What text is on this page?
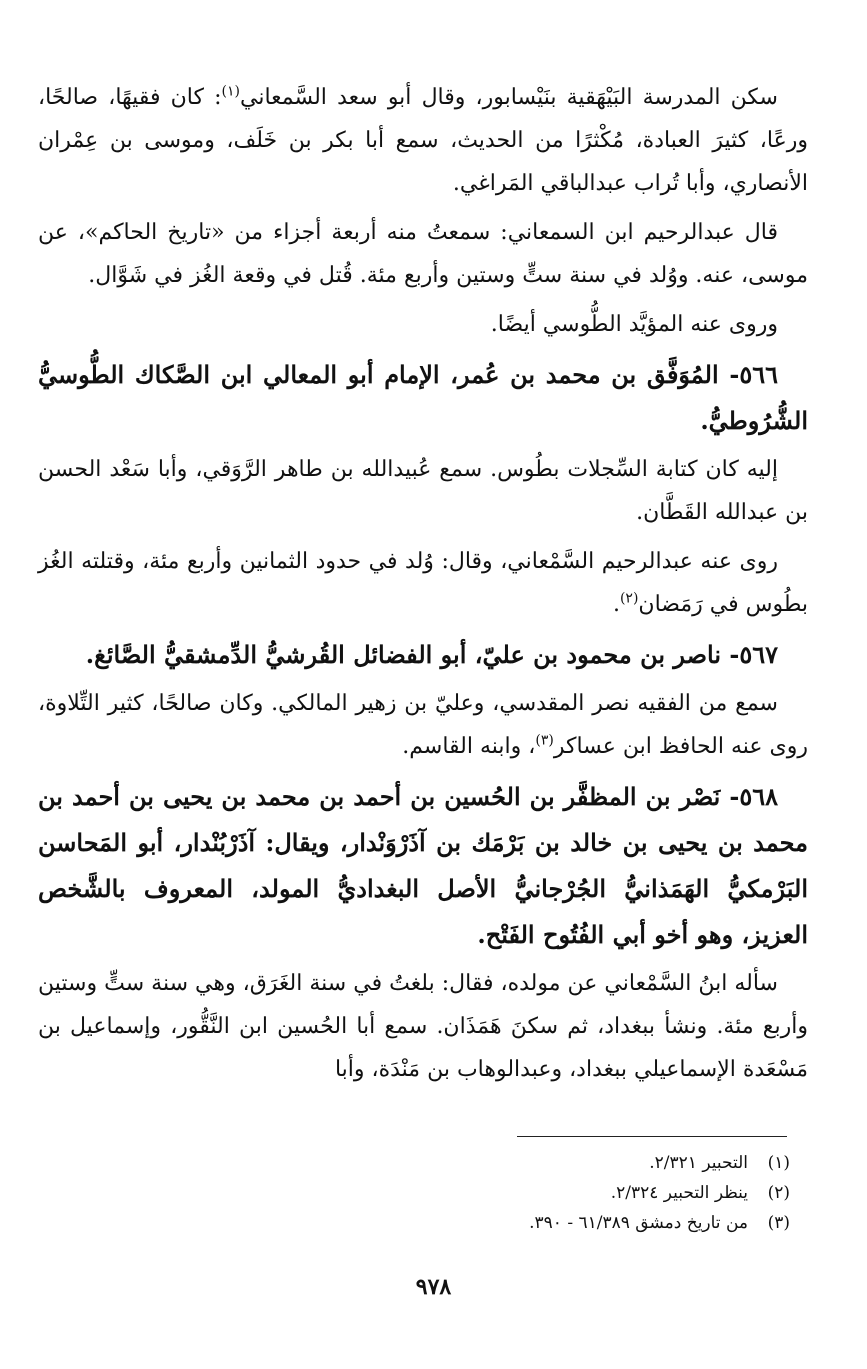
سكن المدرسة البَيْهَقية بنَيْسابور، وقال أبو سعد السَّمعاني$^{(١)}$: كان فقيهًا، صالحًا، ورعًا، كثيرَ العبادة، مُكْثرًا من الحديث، سمع أبا بكر بن خَلَف، وموسى بن عِمْران الأنصاري، وأبا تُراب عبدالباقي المَراغي.

قال عبدالرحيم ابن السمعاني: سمعتُ منه أربعة أجزاء من «تاريخ الحاكم»، عن موسى، عنه. ووُلد في سنة ستٍّ وستين وأربع مئة. قُتل في وقعة الغُز في شَوَّال.

وروى عنه المؤيَّد الطُّوسي أيضًا.

٥٦٦- المُوَفَّق بن محمد بن عُمر، الإمام أبو المعالي ابن الصَّكاك الطُّوسيُّ الشُّرُوطيُّ.

إليه كان كتابة السِّجلات بطُوس. سمع عُبيدالله بن طاهر الرَّوَقي، وأبا سَعْد الحسن بن عبدالله القَطَّان.

روى عنه عبدالرحيم السَّمْعاني، وقال: وُلد في حدود الثمانين وأربع مئة، وقتلته الغُز بطُوس في رَمَضان$^{(٢)}$.

٥٦٧- ناصر بن محمود بن عليّ، أبو الفضائل القُرشيُّ الدِّمشقيُّ الصَّائغ.

سمع من الفقيه نصر المقدسي، وعليّ بن زهير المالكي. وكان صالحًا، كثير التِّلاوة، روى عنه الحافظ ابن عساكر$^{(٣)}$، وابنه القاسم.

٥٦٨- نَصْر بن المظفَّر بن الحُسين بن أحمد بن محمد بن يحيى بن أحمد بن محمد بن يحيى بن خالد بن بَرْمَك بن آذَرْوَنْدار، ويقال: آذَرْبُنْدار، أبو المَحاسن البَرْمكيُّ الهَمَذانيُّ الجُرْجانيُّ الأصل البغداديُّ المولد، المعروف بالشَّخص العزيز، وهو أخو أبي الفُتُوح الفَتْح.

سأله ابنُ السَّمْعاني عن مولده، فقال: بلغتُ في سنة الغَرَق، وهي سنة ستٍّ وستين وأربع مئة. ونشأ ببغداد، ثم سكنَ هَمَذَان. سمع أبا الحُسين ابن النَّقُّور، وإسماعيل بن مَسْعَدة الإسماعيلي ببغداد، وعبدالوهاب بن مَنْدَة، وأبا

(١)التحبير ٢/٣٢١.
(٢)ينظر التحبير ٢/٣٢٤.
(٣)من تاريخ دمشق ٦١/٣٨٩ - ٣٩٠.
٩٧٨
